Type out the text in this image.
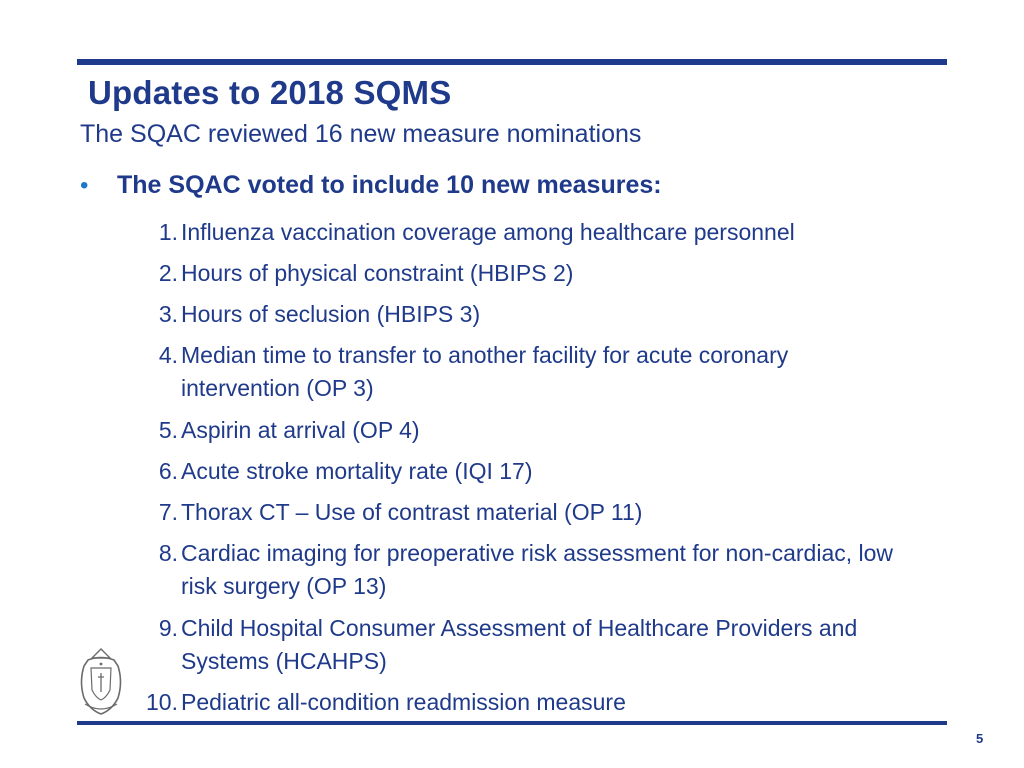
Updates to 2018 SQMS
The SQAC reviewed 16 new measure nominations
•	The SQAC voted to include 10 new measures:
1. Influenza vaccination coverage among healthcare personnel
2. Hours of physical constraint (HBIPS 2)
3. Hours of seclusion (HBIPS 3)
4. Median time to transfer to another facility for acute coronary intervention (OP 3)
5. Aspirin at arrival (OP 4)
6. Acute stroke mortality rate (IQI 17)
7. Thorax CT – Use of contrast material (OP 11)
8. Cardiac imaging for preoperative risk assessment for non-cardiac, low risk surgery (OP 13)
9. Child Hospital Consumer Assessment of Healthcare Providers and Systems (HCAHPS)
10. Pediatric all-condition readmission measure
5
